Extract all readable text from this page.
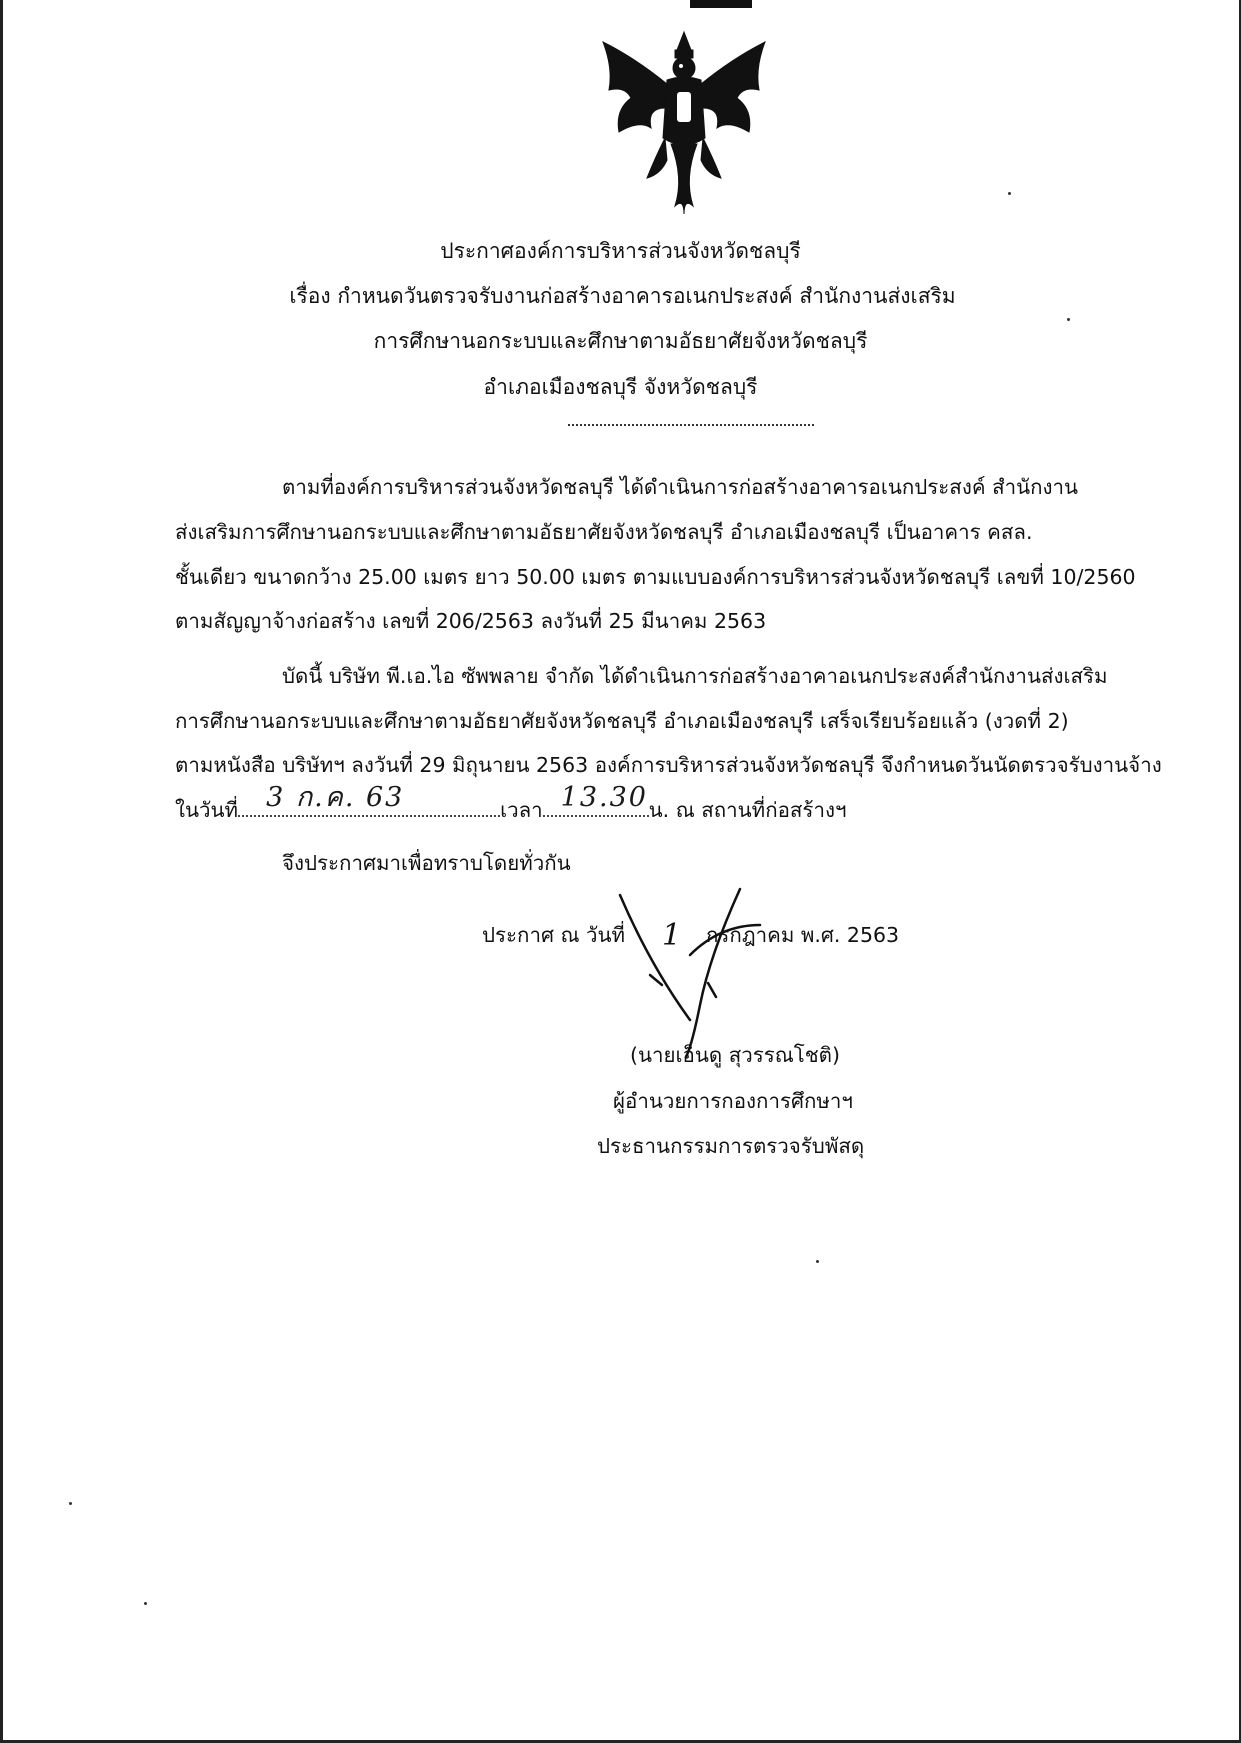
ประกาศองค์การบริหารส่วนจังหวัดชลบุรี
เรื่อง กำหนดวันตรวจรับงานก่อสร้างอาคารอเนกประสงค์ สำนักงานส่งเสริม
การศึกษานอกระบบและศึกษาตามอัธยาศัยจังหวัดชลบุรี
อำเภอเมืองชลบุรี จังหวัดชลบุรี
ตามที่องค์การบริหารส่วนจังหวัดชลบุรี ได้ดำเนินการก่อสร้างอาคารอเนกประสงค์ สำนักงาน
ส่งเสริมการศึกษานอกระบบและศึกษาตามอัธยาศัยจังหวัดชลบุรี อำเภอเมืองชลบุรี เป็นอาคาร คสล.
ชั้นเดียว ขนาดกว้าง 25.00 เมตร ยาว 50.00 เมตร ตามแบบองค์การบริหารส่วนจังหวัดชลบุรี เลขที่ 10/2560
ตามสัญญาจ้างก่อสร้าง เลขที่ 206/2563 ลงวันที่ 25 มีนาคม 2563
บัดนี้ บริษัท พี.เอ.ไอ ซัพพลาย จำกัด ได้ดำเนินการก่อสร้างอาคาอเนกประสงค์สำนักงานส่งเสริม
การศึกษานอกระบบและศึกษาตามอัธยาศัยจังหวัดชลบุรี อำเภอเมืองชลบุรี เสร็จเรียบร้อยแล้ว (งวดที่ 2)
ตามหนังสือ บริษัทฯ ลงวันที่ 29 มิถุนายน 2563 องค์การบริหารส่วนจังหวัดชลบุรี จึงกำหนดวันนัดตรวจรับงานจ้าง
ในวันที่ 3 ก.ค. 63	เวลา 13.30 น. ณ สถานที่ก่อสร้างฯ
จึงประกาศมาเพื่อทราบโดยทั่วกัน
ประกาศ ณ วันที่ 1 กรกฎาคม พ.ศ. 2563
(นายเอ็นดู สุวรรณโชติ)
ผู้อำนวยการกองการศึกษาฯ
ประธานกรรมการตรวจรับพัสดุ
